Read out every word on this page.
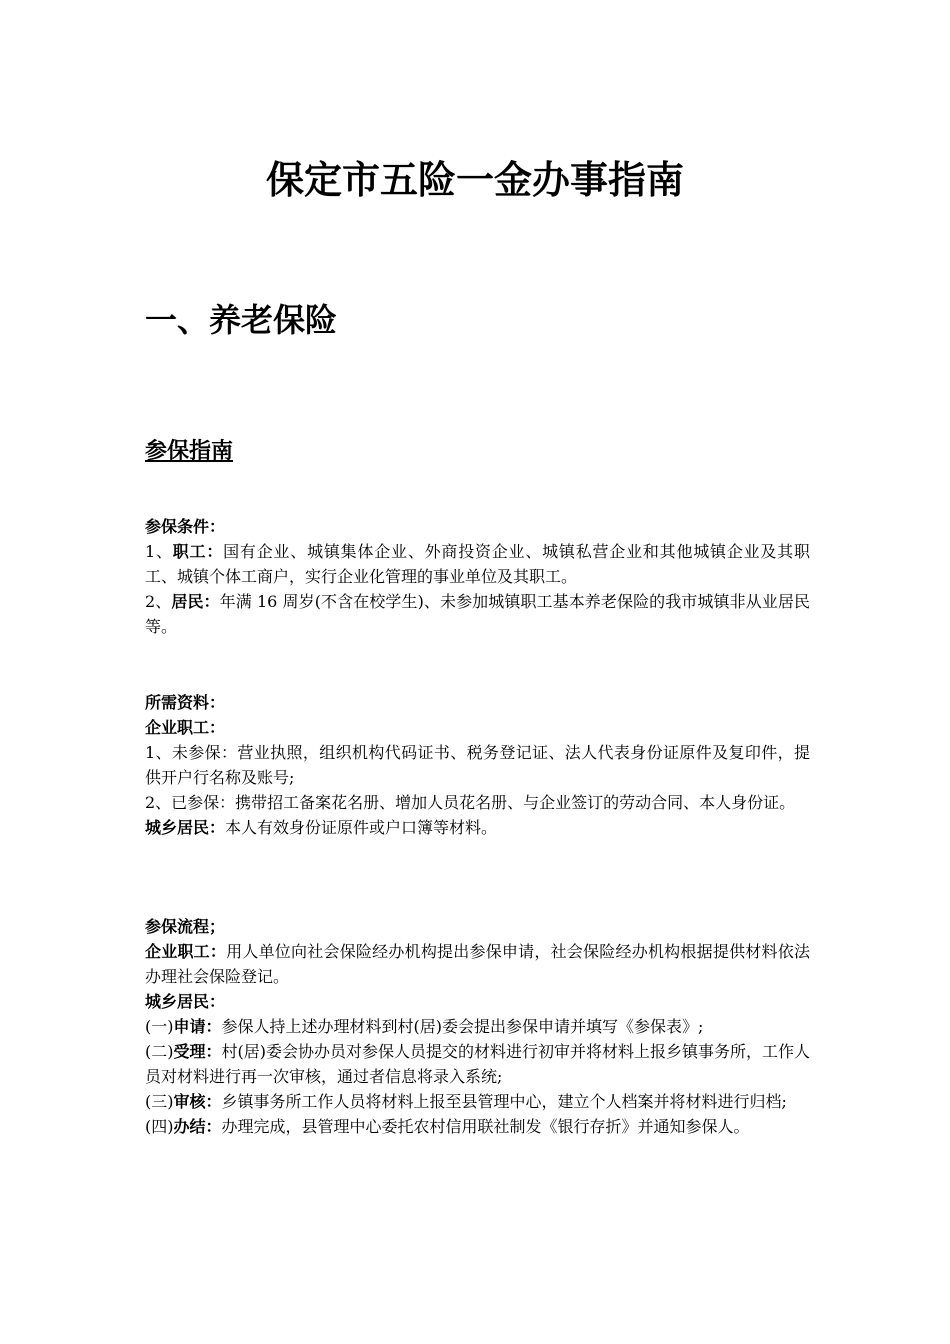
保定市五险一金办事指南
一、养老保险
参保指南

参保条件：

1、职工：国有企业、城镇集体企业、外商投资企业、城镇私营企业和其他城镇企业及其职工、城镇个体工商户，实行企业化管理的事业单位及其职工。

2、居民：年满 16 周岁(不含在校学生)、未参加城镇职工基本养老保险的我市城镇非从业居民等。

所需资料：

企业职工：

1、未参保：营业执照，组织机构代码证书、税务登记证、法人代表身份证原件及复印件，提供开户行名称及账号;

2、已参保：携带招工备案花名册、增加人员花名册、与企业签订的劳动合同、本人身份证。

城乡居民：本人有效身份证原件或户口簿等材料。

参保流程；

企业职工：用人单位向社会保险经办机构提出参保申请，社会保险经办机构根据提供材料依法办理社会保险登记。

城乡居民：

(一)申请：参保人持上述办理材料到村(居)委会提出参保申请并填写《参保表》;

(二)受理：村(居)委会协办员对参保人员提交的材料进行初审并将材料上报乡镇事务所，工作人员对材料进行再一次审核，通过者信息将录入系统;

(三)审核：乡镇事务所工作人员将材料上报至县管理中心，建立个人档案并将材料进行归档;

(四)办结：办理完成，县管理中心委托农村信用联社制发《银行存折》并通知参保人。
